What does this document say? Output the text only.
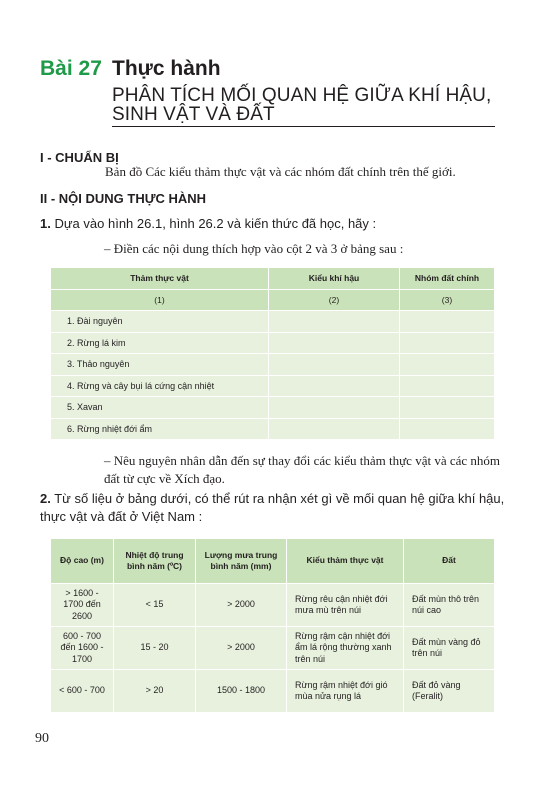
Bài 27 Thực hành
PHÂN TÍCH MỐI QUAN HỆ GIỮA KHÍ HẬU,
SINH VẬT VÀ ĐẤT
I - CHUẨN BỊ
Bản đồ Các kiểu thảm thực vật và các nhóm đất chính trên thế giới.
II - NỘI DUNG THỰC HÀNH
1. Dựa vào hình 26.1, hình 26.2 và kiến thức đã học, hãy :
– Điền các nội dung thích hợp vào cột 2 và 3 ở bảng sau :
Thảm thực vật	Kiểu khí hậu	Nhóm đất chính
(1)	(2)	(3)
1. Đài nguyên		
2. Rừng lá kim		
3. Thảo nguyên		
4. Rừng và cây bụi lá cứng cận nhiệt		
5. Xavan		
6. Rừng nhiệt đới ẩm		
– Nêu nguyên nhân dẫn đến sự thay đổi các kiểu thảm thực vật và các nhóm đất từ cực về Xích đạo.
2. Từ số liệu ở bảng dưới, có thể rút ra nhận xét gì về mối quan hệ giữa khí hậu, thực vật và đất ở Việt Nam :
Độ cao (m)	Nhiệt độ trung bình năm (ºC)	Lượng mưa trung bình năm (mm)	Kiểu thảm thực vật	Đất
> 1600 - 1700 đến 2600	< 15	> 2000	Rừng rêu cận nhiệt đới mưa mù trên núi	Đất mùn thô trên núi cao
600 - 700 đến 1600 - 1700	15 - 20	> 2000	Rừng rậm cận nhiệt đới ẩm lá rộng thường xanh trên núi	Đất mùn vàng đỏ trên núi
< 600 - 700	> 20	1500 - 1800	Rừng rậm nhiệt đới gió mùa nửa rụng lá	Đất đỏ vàng (Feralit)
90
